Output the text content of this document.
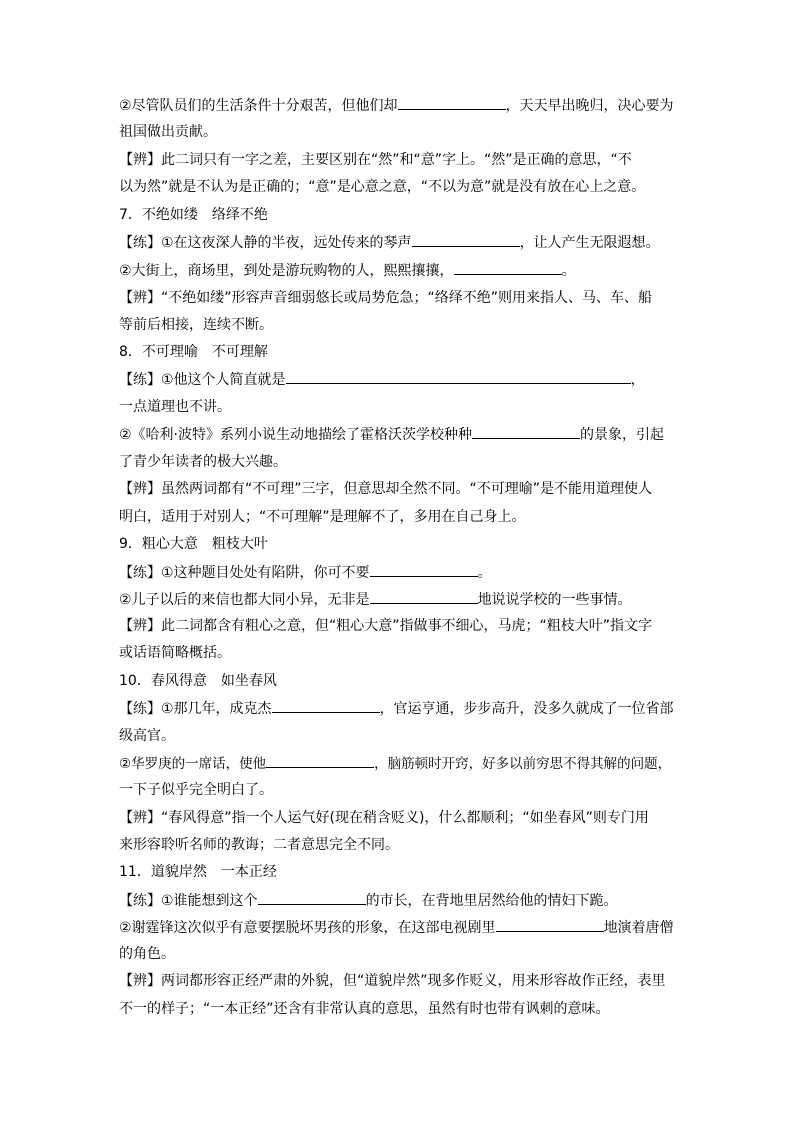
②尽管队员们的生活条件十分艰苦，但他们却	，天天早出晚归，决心要为
祖国做出贡献。
【辨】此二词只有一字之差，主要区别在“然”和“意”字上。“然”是正确的意思，“不
以为然”就是不认为是正确的；“意”是心意之意，“不以为意”就是没有放在心上之意。
7．不绝如缕　络绎不绝
【练】①在这夜深人静的半夜，远处传来的琴声	，让人产生无限遐想。
②大街上，商场里，到处是游玩购物的人，熙熙攘攘，	。
【辨】“不绝如缕”形容声音细弱悠长或局势危急；“络绎不绝”则用来指人、马、车、船
等前后相接，连续不断。
8．不可理喻　不可理解
【练】①他这个人简直就是	，
一点道理也不讲。
②《哈利·波特》系列小说生动地描绘了霍格沃茨学校种种	的景象，引起
了青少年读者的极大兴趣。
【辨】虽然两词都有“不可理”三字，但意思却全然不同。“不可理喻”是不能用道理使人
明白，适用于对别人；“不可理解”是理解不了，多用在自己身上。
9．粗心大意　粗枝大叶
【练】①这种题目处处有陷阱，你可不要	。
②儿子以后的来信也都大同小异，无非是	地说说学校的一些事情。
【辨】此二词都含有粗心之意，但“粗心大意”指做事不细心，马虎；“粗枝大叶”指文字
或话语简略概括。
10．春风得意　如坐春风
【练】①那几年，成克杰	，官运亨通，步步高升，没多久就成了一位省部
级高官。
②华罗庚的一席话，使他	，脑筋顿时开窍，好多以前穷思不得其解的问题，
一下子似乎完全明白了。
【辨】“春风得意”指一个人运气好(现在稍含贬义)，什么都顺利；“如坐春风”则专门用
来形容聆听名师的教诲；二者意思完全不同。
11．道貌岸然　一本正经
【练】①谁能想到这个	的市长，在背地里居然给他的情妇下跪。
②谢霆锋这次似乎有意要摆脱坏男孩的形象，在这部电视剧里	地演着唐僧
的角色。
【辨】两词都形容正经严肃的外貌，但“道貌岸然”现多作贬义，用来形容故作正经，表里
不一的样子；“一本正经”还含有非常认真的意思，虽然有时也带有讽刺的意味。
